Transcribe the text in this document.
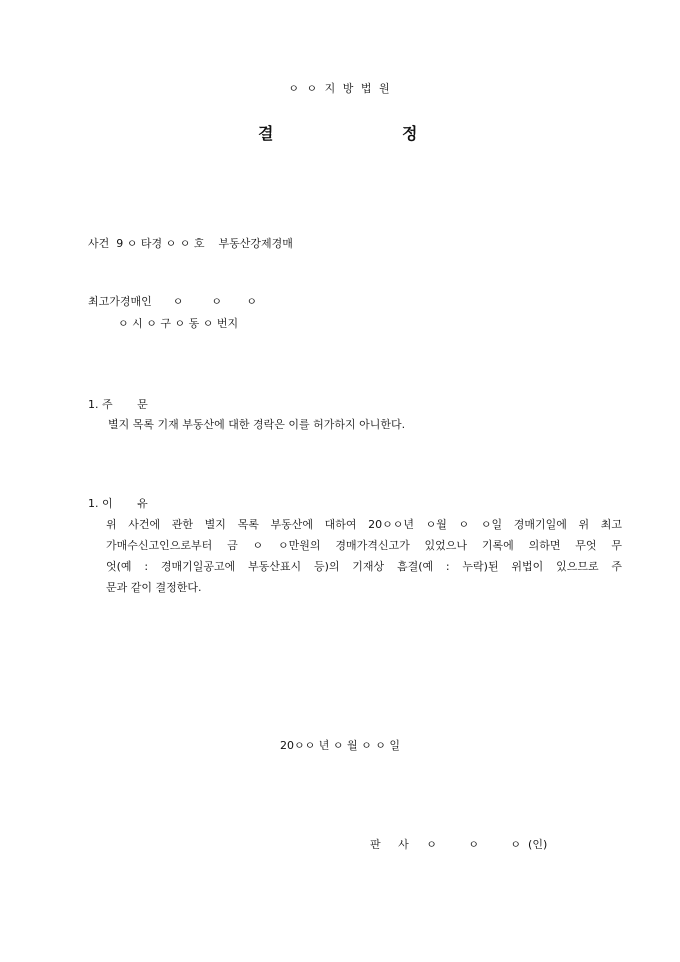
ㅇ ㅇ 지 방 법 원
결	정
사건  9 ㅇ 타경 ㅇ ㅇ 호    부동산강제경매
최고가경매인      ㅇ        ㅇ       ㅇ
ㅇ 시 ㅇ 구 ㅇ 동 ㅇ 번지
1. 주       문
별지 목록 기재 부동산에 대한 경락은 이를 허가하지 아니한다.
1. 이       유
위 사건에 관한 별지 목록 부동산에 대하여 20ㅇㅇ년 ㅇ월 ㅇ ㅇ일 경매기일에 위 최고
가매수신고인으로부터 금 ㅇ ㅇ만원의 경매가격신고가 있었으나 기록에 의하면 무엇 무
엇(예 : 경매기일공고에 부동산표시 등)의 기재상 흠결(예 : 누락)된 위법이 있으므로 주
문과 같이 결정한다.
20ㅇㅇ 년 ㅇ 월 ㅇ ㅇ 일
판     사     ㅇ         ㅇ         ㅇ  (인)
